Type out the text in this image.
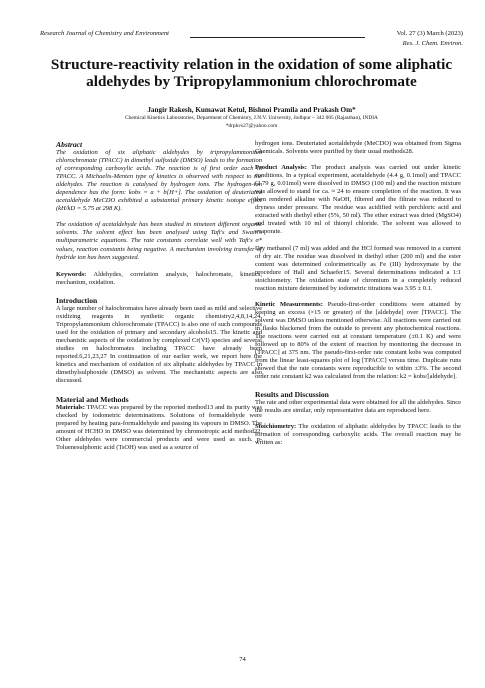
Research Journal of Chemistry and Environment	Vol. 27 (3) March (2023)
Res. J. Chem. Environ.
Structure-reactivity relation in the oxidation of some aliphatic aldehydes by Tripropylammonium chlorochromate
Jangir Rakesh, Kumawat Ketul, Bishnoi Pramila and Prakash Om*
Chemical Kinetics Laboratories, Department of Chemistry, J.N.V. University, Jodhpur – 342 005 (Rajasthan), INDIA
*drpkvs27@yahoo.com

Abstract

The oxidation of six aliphatic aldehydes by tripropylammonium chlorochromate (TPACC) in dimethyl sulfoxide (DMSO) leads to the formation of corresponding carboxylic acids. The reaction is of first order each in TPACC. A Michaelis-Menten type of kinetics is observed with respect to the aldehydes. The reaction is catalysed by hydrogen ions. The hydrogen-ion dependence has the form: kobs = a + b[H+]. The oxidation of deuteriated acetaldehyde MeCDO exhibited a substantial primary kinetic isotope effect (kH/kD = 5.75 at 298 K).

The oxidation of acetaldehyde has been studied in nineteen different organic solvents. The solvent effect has been analysed using Taft's and Swain's multiparametric equations. The rate constants correlate well with Taft's σ* values, reaction constants being negative. A mechanism involving transfer of hydride ion has been suggested.

Keywords: Aldehydes, correlation analysis, halochromate, kinetics, mechanism, oxidation.

Introduction

A large number of halochromates have already been used as mild and selective oxidizing reagents in synthetic organic chemistry2,4,8,14,24. Tripropylammonium chlorochromate (TPACC) is also one of such compounds used for the oxidation of primary and secondary alcohols15. The kinetic and mechanistic aspects of the oxidation by complexed Cr(VI) species and several studies on halochromates including TPACC have already been reported.6,21,23,27 In continuation of our earlier work, we report here the kinetics and mechanism of oxidation of six aliphatic aldehydes by TPACC in dimethylsulphoxide (DMSO) as solvent. The mechanistic aspects are also discussed.

Material and Methods

Materials: TPACC was prepared by the reported method13 and its purity was checked by iodometric determinations. Solutions of formaldehyde were prepared by heating para-formaldehyde and passing its vapours in DMSO. The amount of HCHO in DMSO was determined by chromotropic acid method22. Other aldehydes were commercial products and were used as such. p-Toluenesulphonic acid (TsOH) was used as a source of

hydrogen ions. Deuteriated acetaldehyde (MeCDO) was obtained from Sigma Chemicals. Solvents were purified by their usual methods28.

Product Analysis: The product analysis was carried out under kinetic conditions. In a typical experiment, acetaldehyde (4.4 g, 0.1mol) and TPACC (2.79 g, 0.01mol) were dissolved in DMSO (100 ml) and the reaction mixture was allowed to stand for ca. ≈ 24 to ensure completion of the reaction. It was then rendered alkaline with NaOH, filtered and the filtrate was reduced to dryness under pressure. The residue was acidified with perchloric acid and extracted with diethyl ether (5%, 50 ml). The ether extract was dried (MgSO4) and treated with 10 ml of thionyl chloride. The solvent was allowed to evaporate.

Dry methanol (7 ml) was added and the HCl formed was removed in a current of dry air. The residue was dissolved in diethyl ether (200 ml) and the ester content was determined colorimetrically as Fe (III) hydroxymate by the procedure of Hall and Schaefer15. Several determinations indicated a 1:1 stoichiometry. The oxidation state of chromium in a completely reduced reaction mixture determined by iodometric titrations was 3.95 ± 0.1.

Kinetic Measurements: Pseudo-first-order conditions were attained by keeping an excess (×15 or greater) of the [aldehyde] over [TPACC]. The solvent was DMSO unless mentioned otherwise. All reactions were carried out in flasks blackened from the outside to prevent any photochemical reactions. The reactions were carried out at constant temperature (±0.1 K) and were followed up to 80% of the extent of reaction by monitoring the decrease in [TPACC] at 375 nm. The pseudo-first-order rate constant kobs was computed from the linear least-squares plot of log [TPACC] versus time. Duplicate runs showed that the rate constants were reproducible to within ±3%. The second order rate constant k2 was calculated from the relation: k2 = kobs/[aldehyde].

Results and Discussion

The rate and other experimental data were obtained for all the aldehydes. Since the results are similar, only representative data are reproduced here.

Stoichiometry: The oxidation of aliphatic aldehydes by TPACC leads to the formation of corresponding carboxylic acids. The overall reaction may be written as:

74
